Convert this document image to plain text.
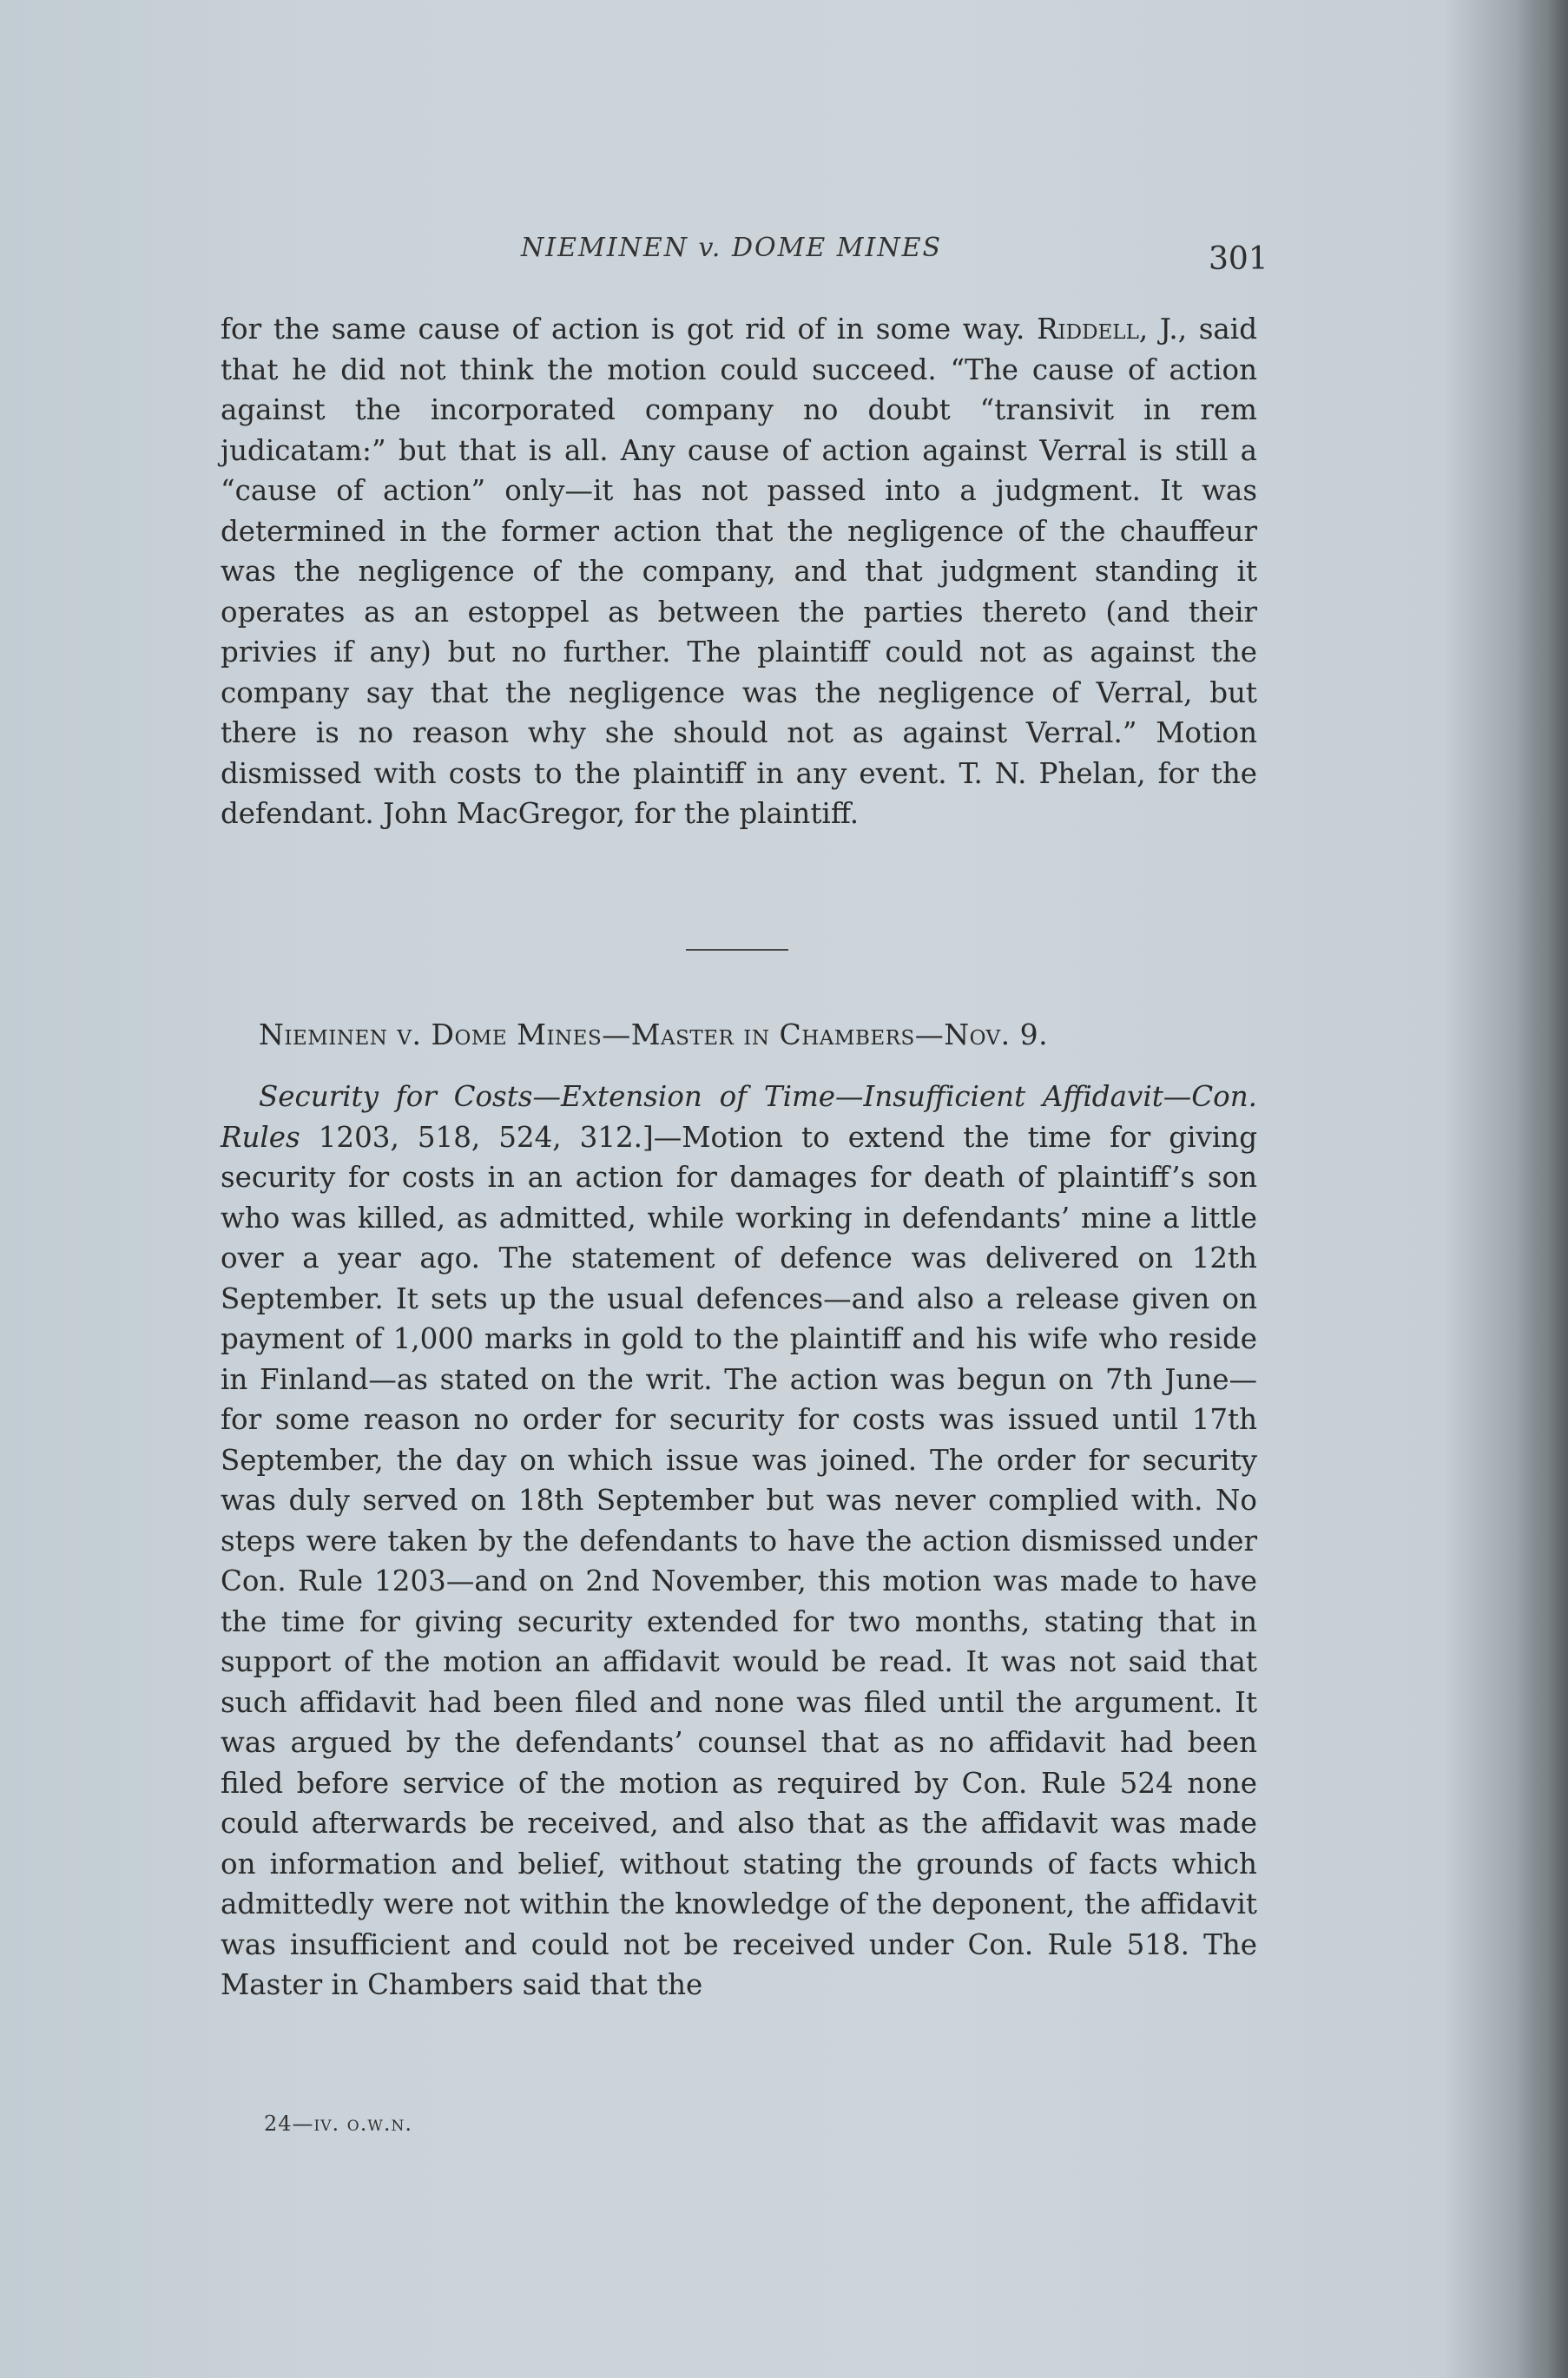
NIEMINEN v. DOME MINES	301

for the same cause of action is got rid of in some way. Riddell, J., said that he did not think the motion could succeed. “The cause of action against the incorporated company no doubt “transivit in rem judicatam:” but that is all. Any cause of action against Verral is still a “cause of action” only—it has not passed into a judgment. It was determined in the former action that the negligence of the chauffeur was the negligence of the company, and that judgment standing it operates as an estoppel as between the parties thereto (and their privies if any) but no further. The plaintiff could not as against the company say that the negligence was the negligence of Verral, but there is no reason why she should not as against Verral.” Motion dismissed with costs to the plaintiff in any event. T. N. Phelan, for the defendant. John MacGregor, for the plaintiff.

Nieminen v. Dome Mines—Master in Chambers—Nov. 9.

Security for Costs—Extension of Time—Insufficient Affidavit—Con. Rules 1203, 518, 524, 312.]—Motion to extend the time for giving security for costs in an action for damages for death of plaintiff’s son who was killed, as admitted, while working in defendants’ mine a little over a year ago. The statement of defence was delivered on 12th September. It sets up the usual defences—and also a release given on payment of 1,000 marks in gold to the plaintiff and his wife who reside in Finland—as stated on the writ. The action was begun on 7th June—for some reason no order for security for costs was issued until 17th September, the day on which issue was joined. The order for security was duly served on 18th September but was never complied with. No steps were taken by the defendants to have the action dismissed under Con. Rule 1203—and on 2nd November, this motion was made to have the time for giving security extended for two months, stating that in support of the motion an affidavit would be read. It was not said that such affidavit had been filed and none was filed until the argument. It was argued by the defendants’ counsel that as no affidavit had been filed before service of the motion as required by Con. Rule 524 none could afterwards be received, and also that as the affidavit was made on information and belief, without stating the grounds of facts which admittedly were not within the knowledge of the deponent, the affidavit was insufficient and could not be received under Con. Rule 518. The Master in Chambers said that the

24—iv. o.w.n.
